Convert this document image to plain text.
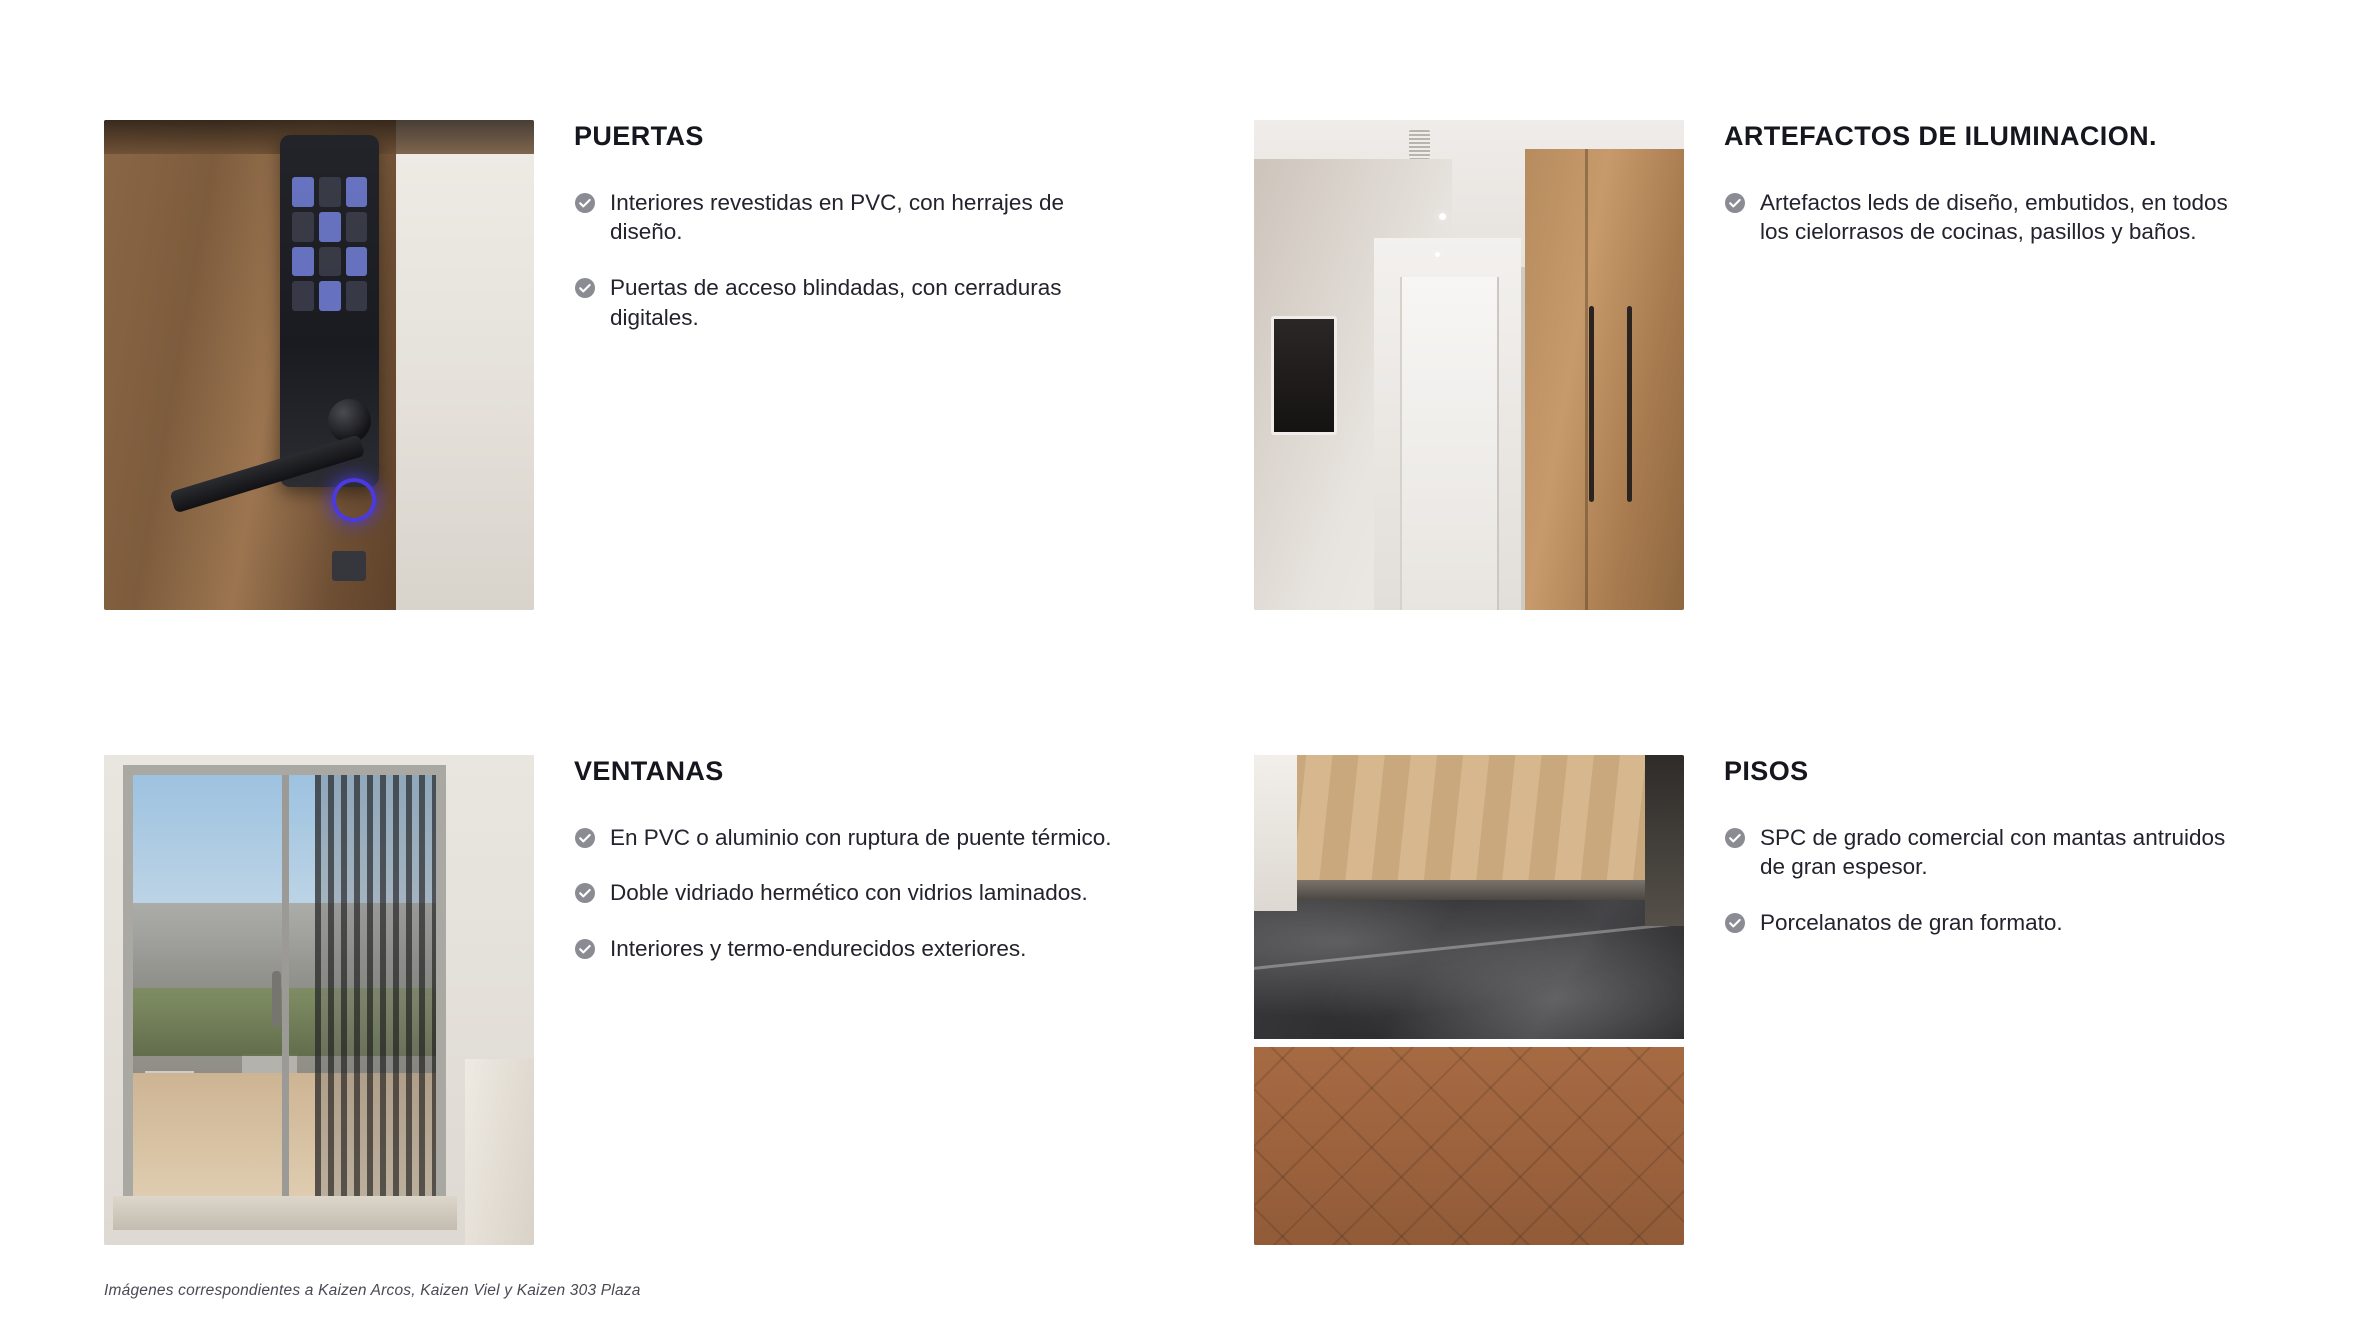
PUERTAS
Interiores revestidas en PVC, con herrajes de diseño.
Puertas de acceso blindadas, con cerraduras digitales.
ARTEFACTOS DE ILUMINACION.
Artefactos leds de diseño, embutidos, en todos los cielorrasos de cocinas, pasillos y baños.
VENTANAS
En PVC o aluminio con ruptura de puente térmico.
Doble vidriado hermético con vidrios laminados.
Interiores y termo-endurecidos exteriores.
PISOS
SPC de grado comercial con mantas antruidos de gran espesor.
Porcelanatos de gran formato.
Imágenes correspondientes a Kaizen Arcos, Kaizen Viel y Kaizen 303 Plaza
